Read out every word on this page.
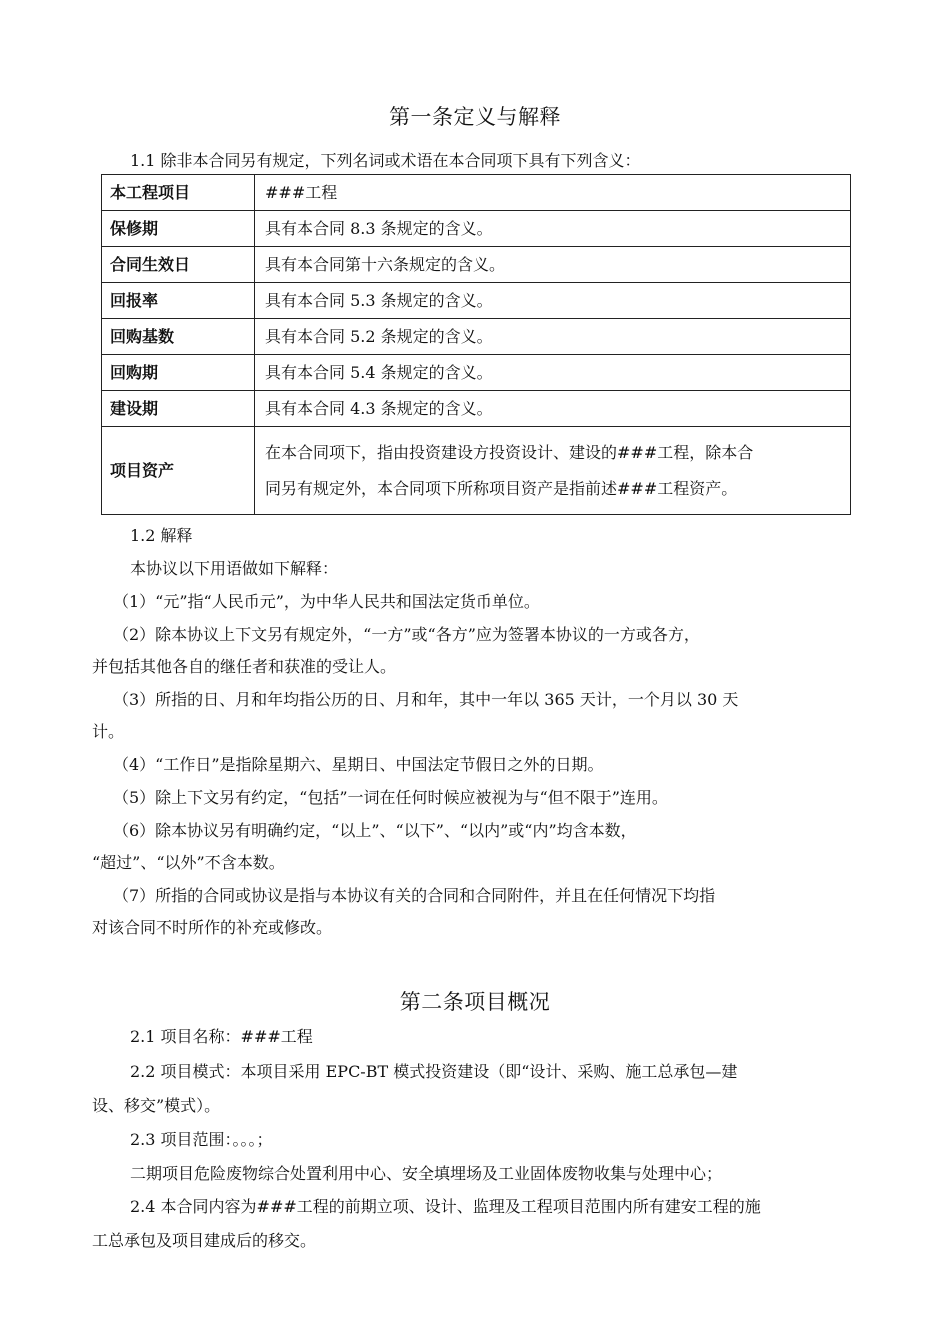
第一条定义与解释
1.1 除非本合同另有规定，下列名词或术语在本合同项下具有下列含义：
本工程项目	###工程
保修期	具有本合同 8.3 条规定的含义。
合同生效日	具有本合同第十六条规定的含义。
回报率	具有本合同 5.3 条规定的含义。
回购基数	具有本合同 5.2 条规定的含义。
回购期	具有本合同 5.4 条规定的含义。
建设期	具有本合同 4.3 条规定的含义。
项目资产	在本合同项下，指由投资建设方投资设计、建设的###工程，除本合
同另有规定外，本合同项下所称项目资产是指前述###工程资产。
1.2 解释
本协议以下用语做如下解释：
（1）“元”指“人民币元”，为中华人民共和国法定货币单位。
（2）除本协议上下文另有规定外，“一方”或“各方”应为签署本协议的一方或各方，
并包括其他各自的继任者和获准的受让人。
（3）所指的日、月和年均指公历的日、月和年，其中一年以 365 天计，一个月以 30 天
计。
（4）“工作日”是指除星期六、星期日、中国法定节假日之外的日期。
（5）除上下文另有约定，“包括”一词在任何时候应被视为与“但不限于”连用。
（6）除本协议另有明确约定，“以上”、“以下”、“以内”或“内”均含本数，
“超过”、“以外”不含本数。
（7）所指的合同或协议是指与本协议有关的合同和合同附件，并且在任何情况下均指
对该合同不时所作的补充或修改。
第二条项目概况
2.1 项目名称：###工程
2.2 项目模式：本项目采用 EPC-BT 模式投资建设（即“设计、采购、施工总承包—建
设、移交”模式）。
2.3 项目范围：。。。；
二期项目危险废物综合处置利用中心、安全填埋场及工业固体废物收集与处理中心；
2.4 本合同内容为###工程的前期立项、设计、监理及工程项目范围内所有建安工程的施
工总承包及项目建成后的移交。
